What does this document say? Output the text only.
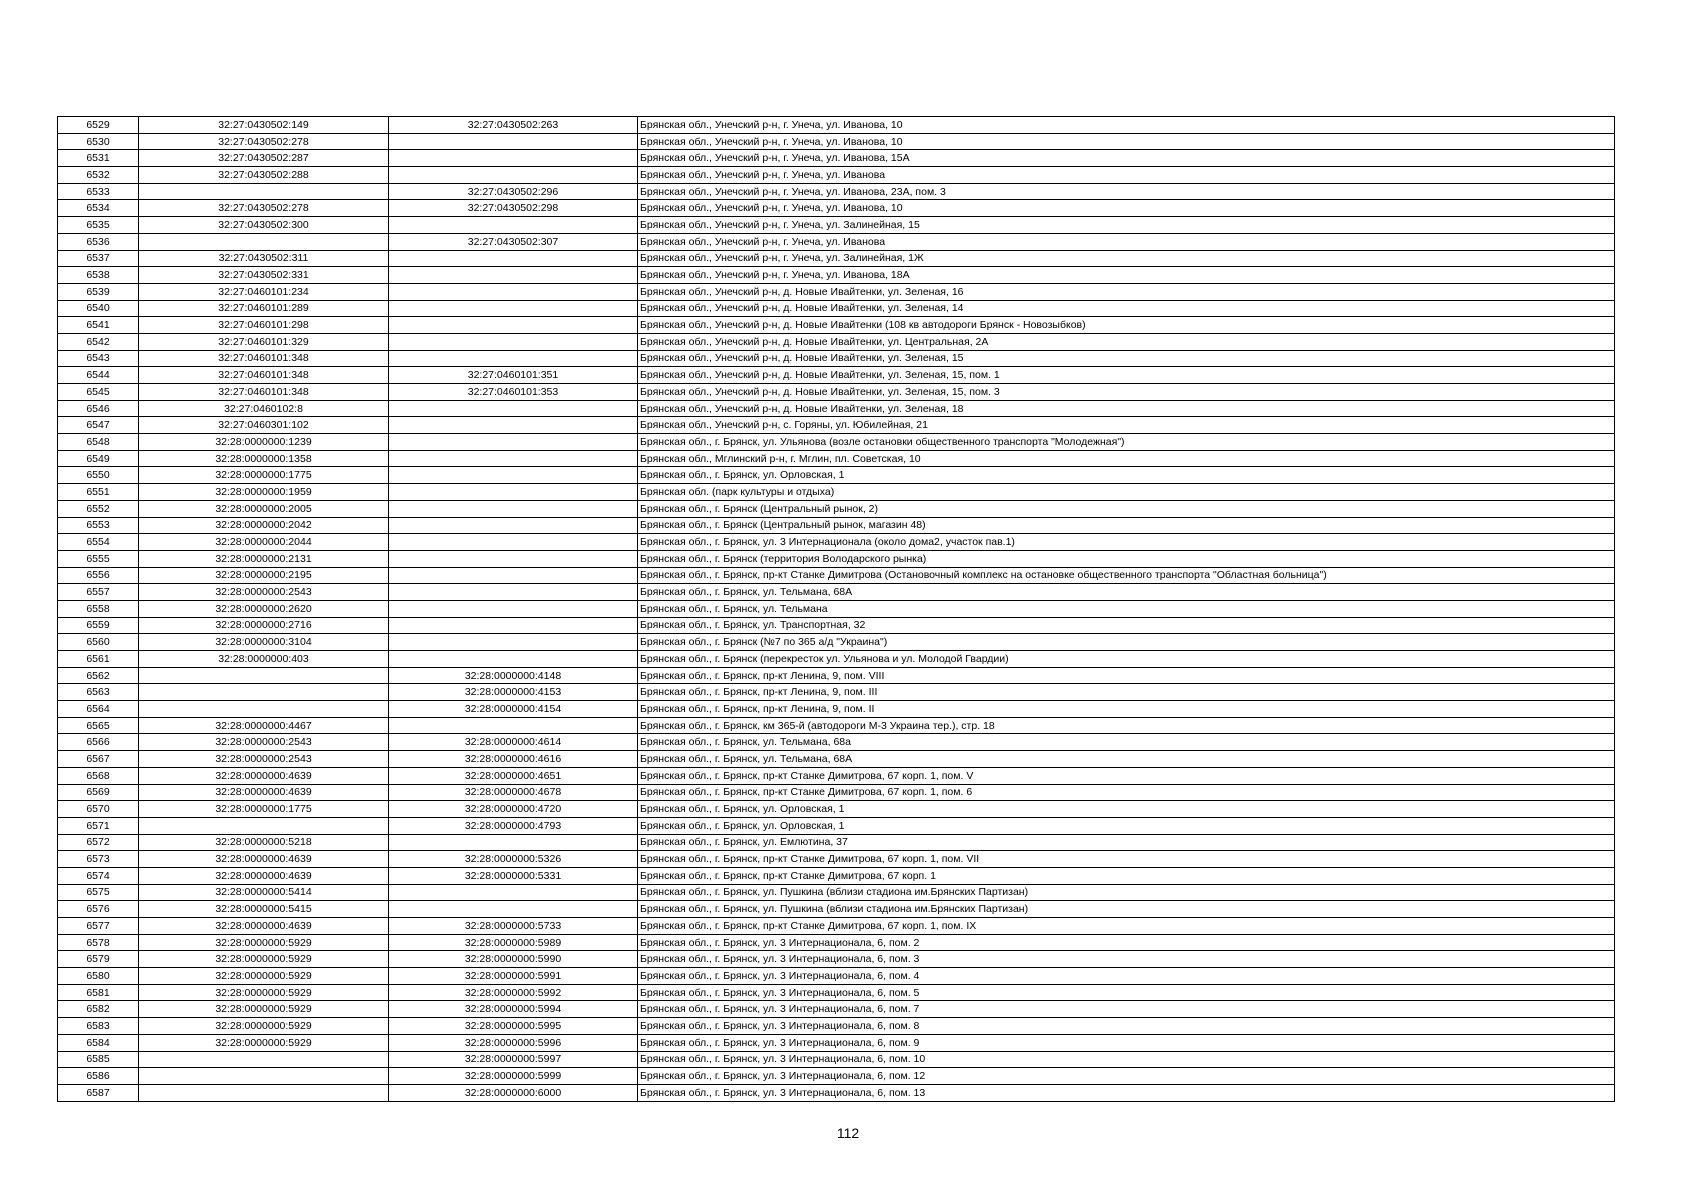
6529	32:27:0430502:149	32:27:0430502:263	Брянская обл., Унечский р-н, г. Унеча, ул. Иванова, 10
6530	32:27:0430502:278		Брянская обл., Унечский р-н, г. Унеча, ул. Иванова, 10
6531	32:27:0430502:287		Брянская обл., Унечский р-н, г. Унеча, ул. Иванова, 15А
6532	32:27:0430502:288		Брянская обл., Унечский р-н, г. Унеча, ул. Иванова
6533		32:27:0430502:296	Брянская обл., Унечский р-н, г. Унеча, ул. Иванова, 23А, пом. 3
6534	32:27:0430502:278	32:27:0430502:298	Брянская обл., Унечский р-н, г. Унеча, ул. Иванова, 10
6535	32:27:0430502:300		Брянская обл., Унечский р-н, г. Унеча, ул. Залинейная, 15
6536		32:27:0430502:307	Брянская обл., Унечский р-н, г. Унеча, ул. Иванова
6537	32:27:0430502:311		Брянская обл., Унечский р-н, г. Унеча, ул. Залинейная, 1Ж
6538	32:27:0430502:331		Брянская обл., Унечский р-н, г. Унеча, ул. Иванова, 18А
6539	32:27:0460101:234		Брянская обл., Унечский р-н, д. Новые Ивайтенки, ул. Зеленая, 16
6540	32:27:0460101:289		Брянская обл., Унечский р-н, д. Новые Ивайтенки, ул. Зеленая, 14
6541	32:27:0460101:298		Брянская обл., Унечский р-н, д. Новые Ивайтенки (108 кв автодороги Брянск - Новозыбков)
6542	32:27:0460101:329		Брянская обл., Унечский р-н, д. Новые Ивайтенки, ул. Центральная, 2А
6543	32:27:0460101:348		Брянская обл., Унечский р-н, д. Новые Ивайтенки, ул. Зеленая, 15
6544	32:27:0460101:348	32:27:0460101:351	Брянская обл., Унечский р-н, д. Новые Ивайтенки, ул. Зеленая, 15, пом. 1
6545	32:27:0460101:348	32:27:0460101:353	Брянская обл., Унечский р-н, д. Новые Ивайтенки, ул. Зеленая, 15, пом. 3
6546	32:27:0460102:8		Брянская обл., Унечский р-н, д. Новые Ивайтенки, ул. Зеленая, 18
6547	32:27:0460301:102		Брянская обл., Унечский р-н, с. Горяны, ул. Юбилейная, 21
6548	32:28:0000000:1239		Брянская обл., г. Брянск, ул. Ульянова (возле остановки общественного транспорта "Молодежная")
6549	32:28:0000000:1358		Брянская обл., Мглинский р-н, г. Мглин, пл. Советская, 10
6550	32:28:0000000:1775		Брянская обл., г. Брянск, ул. Орловская, 1
6551	32:28:0000000:1959		Брянская обл. (парк культуры и отдыха)
6552	32:28:0000000:2005		Брянская обл., г. Брянск (Центральный рынок, 2)
6553	32:28:0000000:2042		Брянская обл., г. Брянск (Центральный рынок, магазин 48)
6554	32:28:0000000:2044		Брянская обл., г. Брянск, ул. 3 Интернационала (около дома2, участок пав.1)
6555	32:28:0000000:2131		Брянская обл., г. Брянск (территория Володарского рынка)
6556	32:28:0000000:2195		Брянская обл., г. Брянск, пр-кт Станке Димитрова (Остановочный комплекс на остановке общественного транспорта "Областная больница")
6557	32:28:0000000:2543		Брянская обл., г. Брянск, ул. Тельмана, 68А
6558	32:28:0000000:2620		Брянская обл., г. Брянск, ул. Тельмана
6559	32:28:0000000:2716		Брянская обл., г. Брянск, ул. Транспортная, 32
6560	32:28:0000000:3104		Брянская обл., г. Брянск (№7 по 365 а/д "Украина")
6561	32:28:0000000:403		Брянская обл., г. Брянск (перекресток ул. Ульянова и ул. Молодой Гвардии)
6562		32:28:0000000:4148	Брянская обл., г. Брянск, пр-кт Ленина, 9, пом. VIII
6563		32:28:0000000:4153	Брянская обл., г. Брянск, пр-кт Ленина, 9, пом. III
6564		32:28:0000000:4154	Брянская обл., г. Брянск, пр-кт Ленина, 9, пом. II
6565	32:28:0000000:4467		Брянская обл., г. Брянск, км 365-й (автодороги М-3 Украина тер.), стр. 18
6566	32:28:0000000:2543	32:28:0000000:4614	Брянская обл., г. Брянск, ул. Тельмана, 68а
6567	32:28:0000000:2543	32:28:0000000:4616	Брянская обл., г. Брянск, ул. Тельмана, 68А
6568	32:28:0000000:4639	32:28:0000000:4651	Брянская обл., г. Брянск, пр-кт Станке Димитрова, 67 корп. 1, пом. V
6569	32:28:0000000:4639	32:28:0000000:4678	Брянская обл., г. Брянск, пр-кт Станке Димитрова, 67 корп. 1, пом. 6
6570	32:28:0000000:1775	32:28:0000000:4720	Брянская обл., г. Брянск, ул. Орловская, 1
6571		32:28:0000000:4793	Брянская обл., г. Брянск, ул. Орловская, 1
6572	32:28:0000000:5218		Брянская обл., г. Брянск, ул. Емлютина, 37
6573	32:28:0000000:4639	32:28:0000000:5326	Брянская обл., г. Брянск, пр-кт Станке Димитрова, 67 корп. 1, пом. VII
6574	32:28:0000000:4639	32:28:0000000:5331	Брянская обл., г. Брянск, пр-кт Станке Димитрова, 67 корп. 1
6575	32:28:0000000:5414		Брянская обл., г. Брянск, ул. Пушкина (вблизи стадиона им.Брянских Партизан)
6576	32:28:0000000:5415		Брянская обл., г. Брянск, ул. Пушкина (вблизи стадиона им.Брянских Партизан)
6577	32:28:0000000:4639	32:28:0000000:5733	Брянская обл., г. Брянск, пр-кт Станке Димитрова, 67 корп. 1, пом. IX
6578	32:28:0000000:5929	32:28:0000000:5989	Брянская обл., г. Брянск, ул. 3 Интернационала, 6, пом. 2
6579	32:28:0000000:5929	32:28:0000000:5990	Брянская обл., г. Брянск, ул. 3 Интернационала, 6, пом. 3
6580	32:28:0000000:5929	32:28:0000000:5991	Брянская обл., г. Брянск, ул. 3 Интернационала, 6, пом. 4
6581	32:28:0000000:5929	32:28:0000000:5992	Брянская обл., г. Брянск, ул. 3 Интернационала, 6, пом. 5
6582	32:28:0000000:5929	32:28:0000000:5994	Брянская обл., г. Брянск, ул. 3 Интернационала, 6, пом. 7
6583	32:28:0000000:5929	32:28:0000000:5995	Брянская обл., г. Брянск, ул. 3 Интернационала, 6, пом. 8
6584	32:28:0000000:5929	32:28:0000000:5996	Брянская обл., г. Брянск, ул. 3 Интернационала, 6, пом. 9
6585		32:28:0000000:5997	Брянская обл., г. Брянск, ул. 3 Интернационала, 6, пом. 10
6586		32:28:0000000:5999	Брянская обл., г. Брянск, ул. 3 Интернационала, 6, пом. 12
6587		32:28:0000000:6000	Брянская обл., г. Брянск, ул. 3 Интернационала, 6, пом. 13
112
